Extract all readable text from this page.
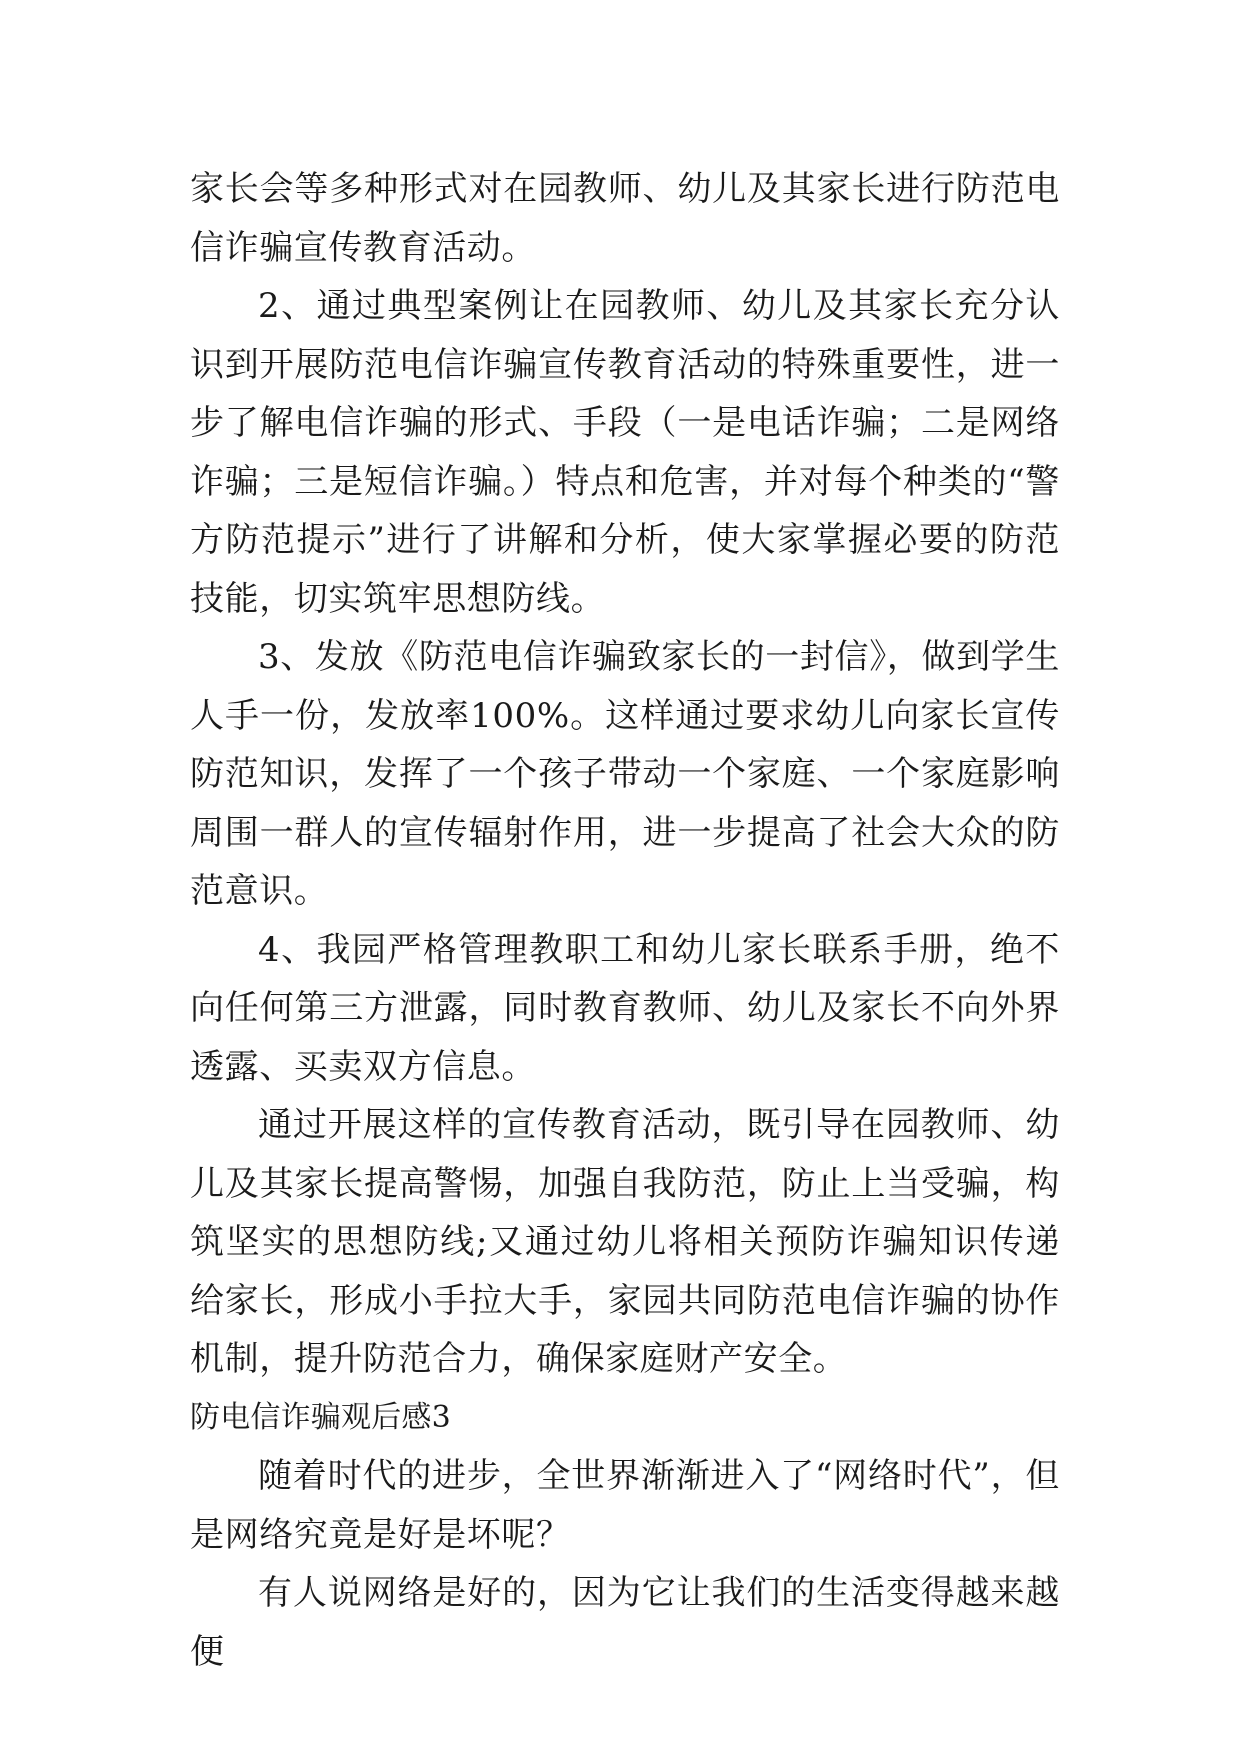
家长会等多种形式对在园教师、幼儿及其家长进行防范电信诈骗宣传教育活动。

2、通过典型案例让在园教师、幼儿及其家长充分认识到开展防范电信诈骗宣传教育活动的特殊重要性，进一步了解电信诈骗的形式、手段（一是电话诈骗；二是网络诈骗；三是短信诈骗。）特点和危害，并对每个种类的“警方防范提示”进行了讲解和分析，使大家掌握必要的防范技能，切实筑牢思想防线。

3、发放《防范电信诈骗致家长的一封信》，做到学生人手一份，发放率100%。这样通过要求幼儿向家长宣传防范知识，发挥了一个孩子带动一个家庭、一个家庭影响周围一群人的宣传辐射作用，进一步提高了社会大众的防范意识。

4、我园严格管理教职工和幼儿家长联系手册，绝不向任何第三方泄露，同时教育教师、幼儿及家长不向外界透露、买卖双方信息。

通过开展这样的宣传教育活动，既引导在园教师、幼儿及其家长提高警惕，加强自我防范，防止上当受骗，构筑坚实的思想防线;又通过幼儿将相关预防诈骗知识传递给家长，形成小手拉大手，家园共同防范电信诈骗的协作机制，提升防范合力，确保家庭财产安全。

防电信诈骗观后感3

随着时代的进步，全世界渐渐进入了“网络时代”，但是网络究竟是好是坏呢？

有人说网络是好的，因为它让我们的生活变得越来越便
